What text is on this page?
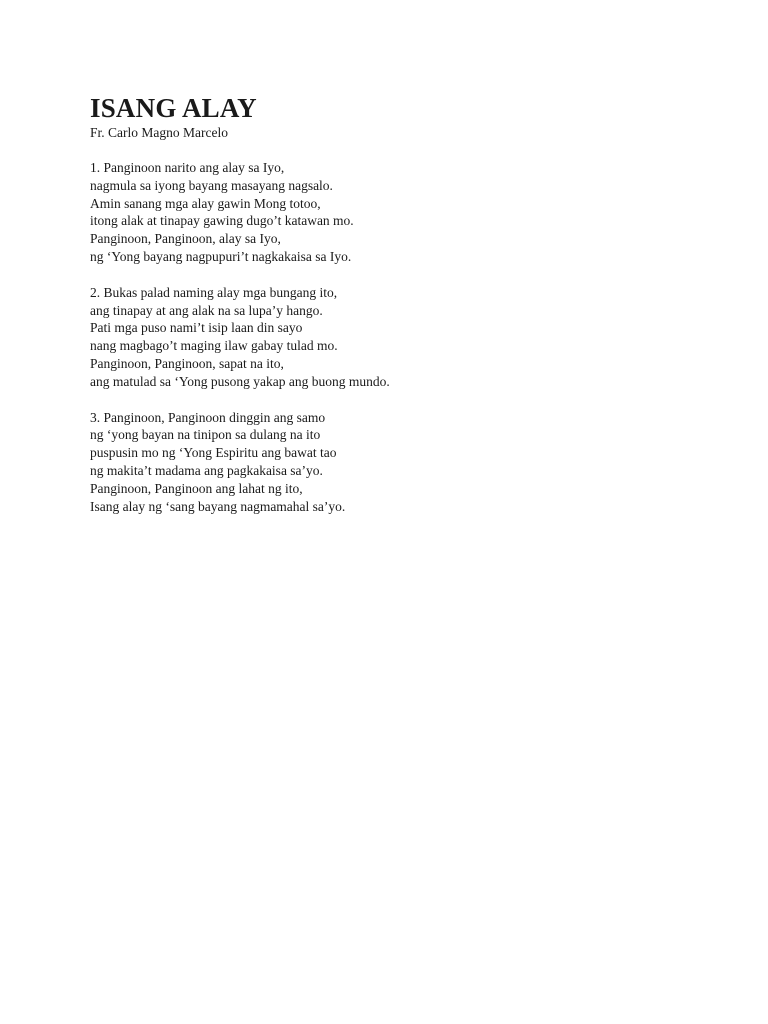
ISANG ALAY

Fr. Carlo Magno Marcelo

1. Panginoon narito ang alay sa Iyo,
nagmula sa iyong bayang masayang nagsalo.
Amin sanang mga alay gawin Mong totoo,
itong alak at tinapay gawing dugo’t katawan mo.
Panginoon, Panginoon, alay sa Iyo,
ng ‘Yong bayang nagpupuri’t nagkakaisa sa Iyo.
2. Bukas palad naming alay mga bungang ito,
ang tinapay at ang alak na sa lupa’y hango.
Pati mga puso nami’t isip laan din sayo
nang magbago’t maging ilaw gabay tulad mo.
Panginoon, Panginoon, sapat na ito,
ang matulad sa ‘Yong pusong yakap ang buong mundo.
3. Panginoon, Panginoon dinggin ang samo
ng ‘yong bayan na tinipon sa dulang na ito
puspusin mo ng ‘Yong Espiritu ang bawat tao
ng makita’t madama ang pagkakaisa sa’yo.
Panginoon, Panginoon ang lahat ng ito,
Isang alay ng ‘sang bayang nagmamahal sa’yo.
